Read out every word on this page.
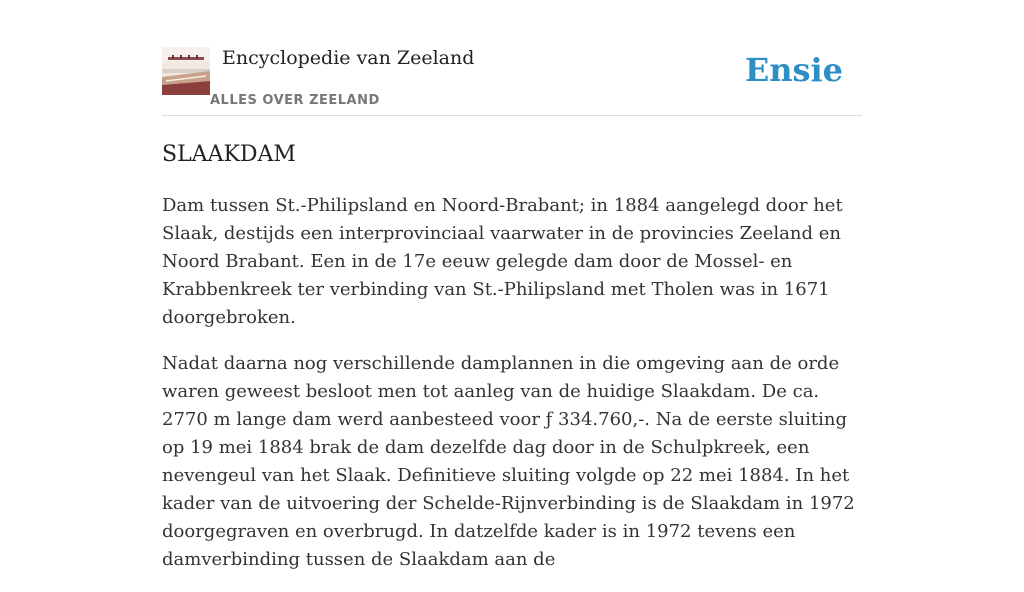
Encyclopedie van Zeeland
ALLES OVER ZEELAND
Ensie
SLAAKDAM

Dam tussen St.-Philipsland en Noord-Brabant; in 1884 aangelegd door het Slaak, destijds een interprovinciaal vaarwater in de provincies Zeeland en Noord Brabant. Een in de 17e eeuw gelegde dam door de Mossel- en Krabbenkreek ter verbinding van St.-Philipsland met Tholen was in 1671 doorgebroken.

Nadat daarna nog verschillende damplannen in die omgeving aan de orde waren geweest besloot men tot aanleg van de huidige Slaakdam. De ca. 2770 m lange dam werd aanbesteed voor ƒ 334.760,-. Na de eerste sluiting op 19 mei 1884 brak de dam dezelfde dag door in de Schulpkreek, een nevengeul van het Slaak. Definitieve sluiting volgde op 22 mei 1884. In het kader van de uitvoering der Schelde-Rijnverbinding is de Slaakdam in 1972 doorgegraven en overbrugd. In datzelfde kader is in 1972 tevens een damverbinding tussen de Slaakdam aan de
